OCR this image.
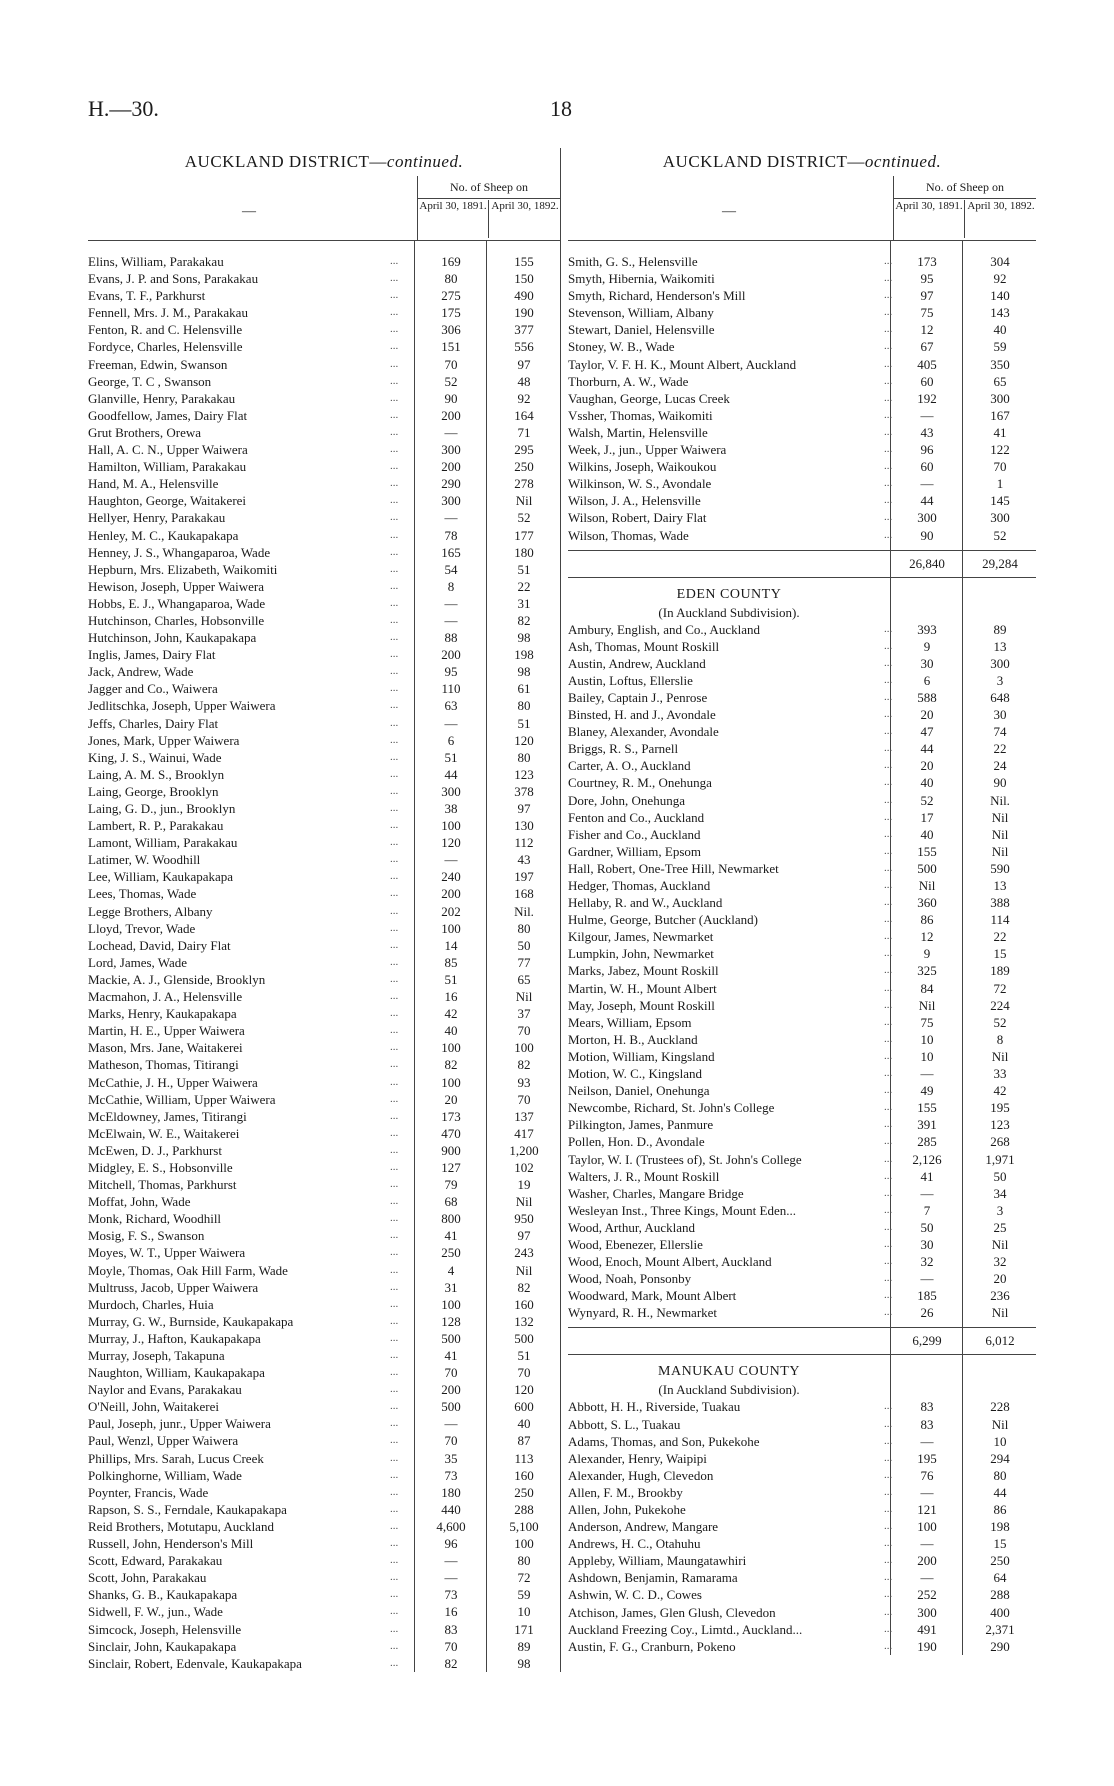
H.—30.	18
AUCKLAND DISTRICT—continued.
—
No. of Sheep on
April 30, 1891. April 30, 1892.
Elins, William, Parakakau	...	169	155
Evans, J. P. and Sons, Parakakau	...	80	150
Evans, T. F., Parkhurst	...	275	490
Fennell, Mrs. J. M., Parakakau	...	175	190
Fenton, R. and C. Helensville	...	306	377
Fordyce, Charles, Helensville	...	151	556
Freeman, Edwin, Swanson	...	70	97
George, T. C , Swanson	...	52	48
Glanville, Henry, Parakakau	...	90	92
Goodfellow, James, Dairy Flat	...	200	164
Grut Brothers, Orewa	...	—	71
Hall, A. C. N., Upper Waiwera	...	300	295
Hamilton, William, Parakakau	...	200	250
Hand, M. A., Helensville	...	290	278
Haughton, George, Waitakerei	...	300	Nil
Hellyer, Henry, Parakakau	...	—	52
Henley, M. C., Kaukapakapa	...	78	177
Henney, J. S., Whangaparoa, Wade	...	165	180
Hepburn, Mrs. Elizabeth, Waikomiti	...	54	51
Hewison, Joseph, Upper Waiwera	...	8	22
Hobbs, E. J., Whangaparoa, Wade	...	—	31
Hutchinson, Charles, Hobsonville	...	—	82
Hutchinson, John, Kaukapakapa	...	88	98
Inglis, James, Dairy Flat	...	200	198
Jack, Andrew, Wade	...	95	98
Jagger and Co., Waiwera	...	110	61
Jedlitschka, Joseph, Upper Waiwera	...	63	80
Jeffs, Charles, Dairy Flat	...	—	51
Jones, Mark, Upper Waiwera	...	6	120
King, J. S., Wainui, Wade	...	51	80
Laing, A. M. S., Brooklyn	...	44	123
Laing, George, Brooklyn	...	300	378
Laing, G. D., jun., Brooklyn	...	38	97
Lambert, R. P., Parakakau	...	100	130
Lamont, William, Parakakau	...	120	112
Latimer, W. Woodhill	...	—	43
Lee, William, Kaukapakapa	...	240	197
Lees, Thomas, Wade	...	200	168
Legge Brothers, Albany	...	202	Nil.
Lloyd, Trevor, Wade	...	100	80
Lochead, David, Dairy Flat	...	14	50
Lord, James, Wade	...	85	77
Mackie, A. J., Glenside, Brooklyn	...	51	65
Macmahon, J. A., Helensville	...	16	Nil
Marks, Henry, Kaukapakapa	...	42	37
Martin, H. E., Upper Waiwera	...	40	70
Mason, Mrs. Jane, Waitakerei	...	100	100
Matheson, Thomas, Titirangi	...	82	82
McCathie, J. H., Upper Waiwera	...	100	93
McCathie, William, Upper Waiwera	...	20	70
McEldowney, James, Titirangi	...	173	137
McElwain, W. E., Waitakerei	...	470	417
McEwen, D. J., Parkhurst	...	900	1,200
Midgley, E. S., Hobsonville	...	127	102
Mitchell, Thomas, Parkhurst	...	79	19
Moffat, John, Wade	...	68	Nil
Monk, Richard, Woodhill	...	800	950
Mosig, F. S., Swanson	...	41	97
Moyes, W. T., Upper Waiwera	...	250	243
Moyle, Thomas, Oak Hill Farm, Wade	...	4	Nil
Multruss, Jacob, Upper Waiwera	...	31	82
Murdoch, Charles, Huia	...	100	160
Murray, G. W., Burnside, Kaukapakapa	...	128	132
Murray, J., Hafton, Kaukapakapa	...	500	500
Murray, Joseph, Takapuna	...	41	51
Naughton, William, Kaukapakapa	...	70	70
Naylor and Evans, Parakakau	...	200	120
O'Neill, John, Waitakerei	...	500	600
Paul, Joseph, junr., Upper Waiwera	...	—	40
Paul, Wenzl, Upper Waiwera	...	70	87
Phillips, Mrs. Sarah, Lucus Creek	...	35	113
Polkinghorne, William, Wade	...	73	160
Poynter, Francis, Wade	...	180	250
Rapson, S. S., Ferndale, Kaukapakapa	...	440	288
Reid Brothers, Motutapu, Auckland	...	4,600	5,100
Russell, John, Henderson's Mill	...	96	100
Scott, Edward, Parakakau	...	—	80
Scott, John, Parakakau	...	—	72
Shanks, G. B., Kaukapakapa	...	73	59
Sidwell, F. W., jun., Wade	...	16	10
Simcock, Joseph, Helensville	...	83	171
Sinclair, John, Kaukapakapa	...	70	89
Sinclair, Robert, Edenvale, Kaukapakapa	...	82	98
AUCKLAND DISTRICT—ocntinued.
—
No. of Sheep on
April 30, 1891. April 30, 1892.
Smith, G. S., Helensville	...	173	304
Smyth, Hibernia, Waikomiti	...	95	92
Smyth, Richard, Henderson's Mill	...	97	140
Stevenson, William, Albany	...	75	143
Stewart, Daniel, Helensville	...	12	40
Stoney, W. B., Wade	...	67	59
Taylor, V. F. H. K., Mount Albert, Auckland	...	405	350
Thorburn, A. W., Wade	...	60	65
Vaughan, George, Lucas Creek	...	192	300
Vssher, Thomas, Waikomiti	...	—	167
Walsh, Martin, Helensville	...	43	41
Week, J., jun., Upper Waiwera	...	96	122
Wilkins, Joseph, Waikoukou	...	60	70
Wilkinson, W. S., Avondale	...	—	1
Wilson, J. A., Helensville	...	44	145
Wilson, Robert, Dairy Flat	...	300	300
Wilson, Thomas, Wade	...	90	52
26,840	29,284
EDEN COUNTY
(In Auckland Subdivision).
Ambury, English, and Co., Auckland	...	393	89
Ash, Thomas, Mount Roskill	...	9	13
Austin, Andrew, Auckland	...	30	300
Austin, Loftus, Ellerslie	...	6	3
Bailey, Captain J., Penrose	...	588	648
Binsted, H. and J., Avondale	...	20	30
Blaney, Alexander, Avondale	...	47	74
Briggs, R. S., Parnell	...	44	22
Carter, A. O., Auckland	...	20	24
Courtney, R. M., Onehunga	...	40	90
Dore, John, Onehunga	...	52	Nil.
Fenton and Co., Auckland	...	17	Nil
Fisher and Co., Auckland	...	40	Nil
Gardner, William, Epsom	...	155	Nil
Hall, Robert, One-Tree Hill, Newmarket	...	500	590
Hedger, Thomas, Auckland	...	Nil	13
Hellaby, R. and W., Auckland	...	360	388
Hulme, George, Butcher (Auckland)	...	86	114
Kilgour, James, Newmarket	...	12	22
Lumpkin, John, Newmarket	...	9	15
Marks, Jabez, Mount Roskill	...	325	189
Martin, W. H., Mount Albert	...	84	72
May, Joseph, Mount Roskill	...	Nil	224
Mears, William, Epsom	...	75	52
Morton, H. B., Auckland	...	10	8
Motion, William, Kingsland	...	10	Nil
Motion, W. C., Kingsland	...	—	33
Neilson, Daniel, Onehunga	...	49	42
Newcombe, Richard, St. John's College	...	155	195
Pilkington, James, Panmure	...	391	123
Pollen, Hon. D., Avondale	...	285	268
Taylor, W. I. (Trustees of), St. John's College	...	2,126	1,971
Walters, J. R., Mount Roskill	...	41	50
Washer, Charles, Mangare Bridge	...	—	34
Wesleyan Inst., Three Kings, Mount Eden...	...	7	3
Wood, Arthur, Auckland	...	50	25
Wood, Ebenezer, Ellerslie	...	30	Nil
Wood, Enoch, Mount Albert, Auckland	...	32	32
Wood, Noah, Ponsonby	...	—	20
Woodward, Mark, Mount Albert	...	185	236
Wynyard, R. H., Newmarket	...	26	Nil
6,299	6,012
MANUKAU COUNTY
(In Auckland Subdivision).
Abbott, H. H., Riverside, Tuakau	...	83	228
Abbott, S. L., Tuakau	...	83	Nil
Adams, Thomas, and Son, Pukekohe	...	—	10
Alexander, Henry, Waipipi	...	195	294
Alexander, Hugh, Clevedon	...	76	80
Allen, F. M., Brookby	...	—	44
Allen, John, Pukekohe	...	121	86
Anderson, Andrew, Mangare	...	100	198
Andrews, H. C., Otahuhu	...	—	15
Appleby, William, Maungatawhiri	...	200	250
Ashdown, Benjamin, Ramarama	...	—	64
Ashwin, W. C. D., Cowes	...	252	288
Atchison, James, Glen Glush, Clevedon	...	300	400
Auckland Freezing Coy., Limtd., Auckland...	...	491	2,371
Austin, F. G., Cranburn, Pokeno	...	190	290
